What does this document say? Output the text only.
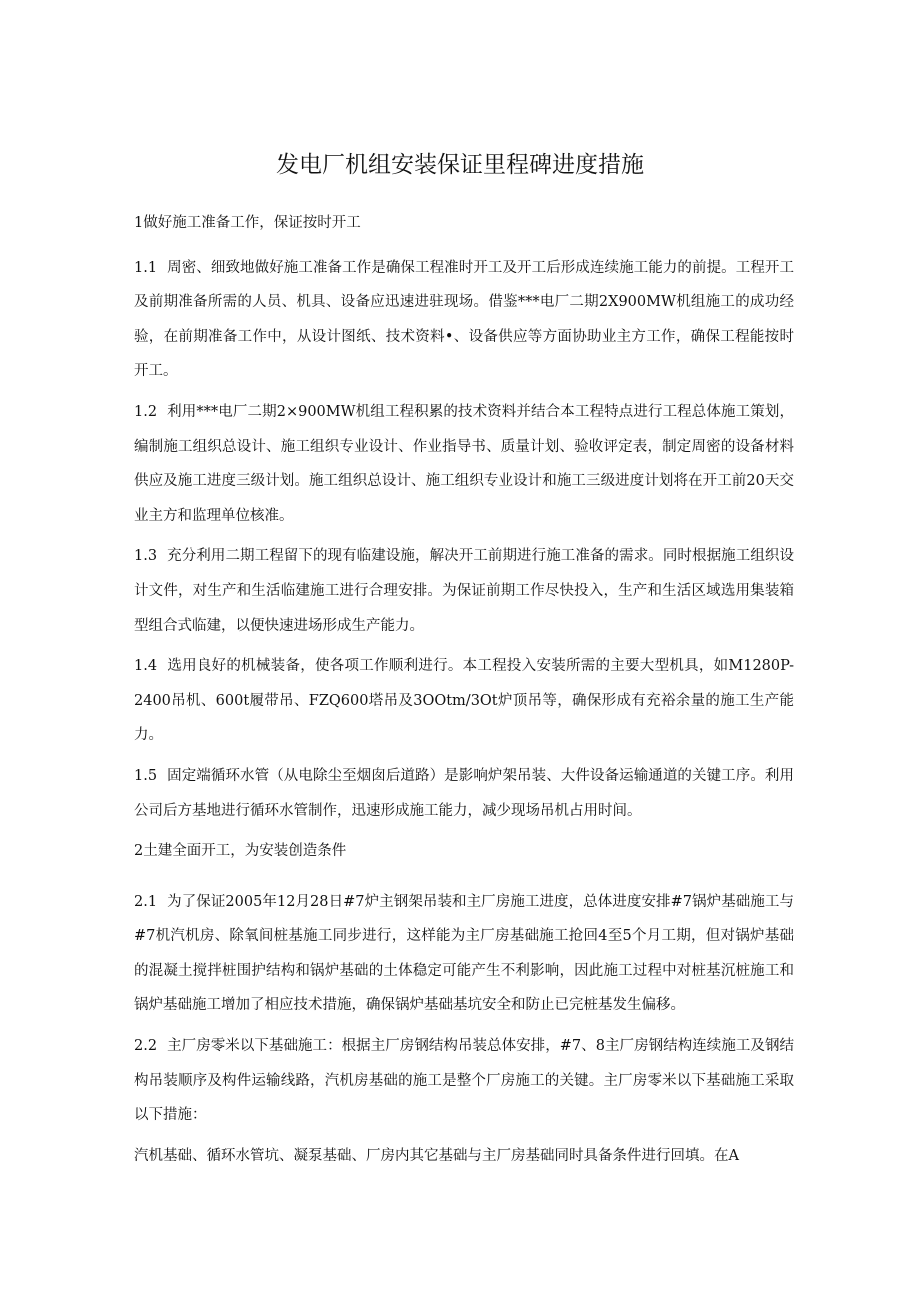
发电厂机组安装保证里程碑进度措施
1做好施工准备工作，保证按时开工
1.1 周密、细致地做好施工准备工作是确保工程准时开工及开工后形成连续施工能力的前提。工程开工及前期准备所需的人员、机具、设备应迅速进驻现场。借鉴***电厂二期2X900MW机组施工的成功经验，在前期准备工作中，从设计图纸、技术资料•、设备供应等方面协助业主方工作，确保工程能按时开工。
1.2 利用***电厂二期2×900MW机组工程积累的技术资料并结合本工程特点进行工程总体施工策划，编制施工组织总设计、施工组织专业设计、作业指导书、质量计划、验收评定表，制定周密的设备材料供应及施工进度三级计划。施工组织总设计、施工组织专业设计和施工三级进度计划将在开工前20天交业主方和监理单位核准。
1.3 充分利用二期工程留下的现有临建设施，解决开工前期进行施工准备的需求。同时根据施工组织设计文件，对生产和生活临建施工进行合理安排。为保证前期工作尽快投入，生产和生活区域选用集装箱型组合式临建，以便快速进场形成生产能力。
1.4 选用良好的机械装备，使各项工作顺利进行。本工程投入安装所需的主要大型机具，如M1280P-2400吊机、600t履带吊、FZQ600塔吊及3OOtm/3Ot炉顶吊等，确保形成有充裕余量的施工生产能力。
1.5 固定端循环水管（从电除尘至烟囱后道路）是影响炉架吊装、大件设备运输通道的关键工序。利用公司后方基地进行循环水管制作，迅速形成施工能力，减少现场吊机占用时间。
2土建全面开工，为安装创造条件
2.1 为了保证2005年12月28日#7炉主钢架吊装和主厂房施工进度，总体进度安排#7锅炉基础施工与#7机汽机房、除氧间桩基施工同步进行，这样能为主厂房基础施工抢回4至5个月工期，但对锅炉基础的混凝土搅拌桩围护结构和锅炉基础的土体稳定可能产生不利影响，因此施工过程中对桩基沉桩施工和锅炉基础施工增加了相应技术措施，确保锅炉基础基坑安全和防止已完桩基发生偏移。
2.2 主厂房零米以下基础施工：根据主厂房钢结构吊装总体安排，#7、8主厂房钢结构连续施工及钢结构吊装顺序及构件运输线路，汽机房基础的施工是整个厂房施工的关键。主厂房零米以下基础施工采取以下措施：
汽机基础、循环水管坑、凝泵基础、厂房内其它基础与主厂房基础同时具备条件进行回填。在A
